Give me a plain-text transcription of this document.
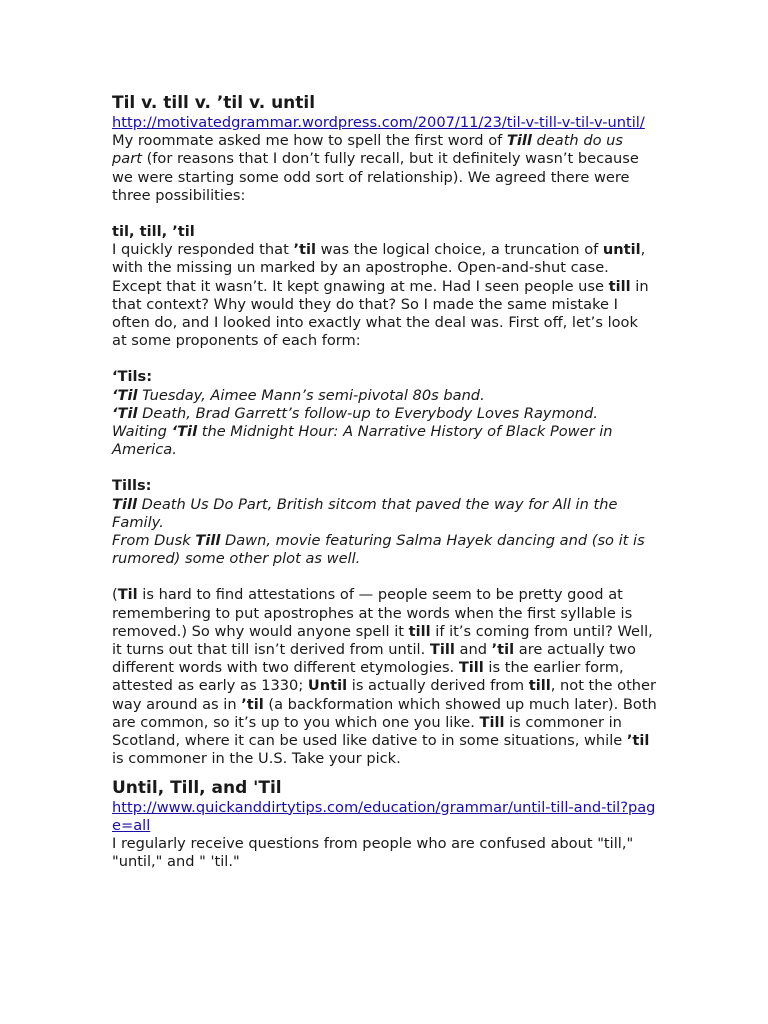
Til v. till v. ’til v. until
http://motivatedgrammar.wordpress.com/2007/11/23/til-v-till-v-til-v-until/

My roommate asked me how to spell the first word of Till death do us part (for reasons that I don’t fully recall, but it definitely wasn’t because we were starting some odd sort of relationship). We agreed there were three possibilities:

til, till, ’til

I quickly responded that ’til was the logical choice, a truncation of until, with the missing un marked by an apostrophe. Open-and-shut case. Except that it wasn’t. It kept gnawing at me. Had I seen people use till in that context? Why would they do that? So I made the same mistake I often do, and I looked into exactly what the deal was. First off, let’s look at some proponents of each form:

‘Tils:

‘Til Tuesday, Aimee Mann’s semi-pivotal 80s band.

‘Til Death, Brad Garrett’s follow-up to Everybody Loves Raymond.

Waiting ‘Til the Midnight Hour: A Narrative History of Black Power in America.

Tills:

Till Death Us Do Part, British sitcom that paved the way for All in the Family.

From Dusk Till Dawn, movie featuring Salma Hayek dancing and (so it is rumored) some other plot as well.

(Til is hard to find attestations of — people seem to be pretty good at remembering to put apostrophes at the words when the first syllable is removed.) So why would anyone spell it till if it’s coming from until? Well, it turns out that till isn’t derived from until. Till and ’til are actually two different words with two different etymologies. Till is the earlier form, attested as early as 1330; Until is actually derived from till, not the other way around as in ’til (a backformation which showed up much later). Both are common, so it’s up to you which one you like. Till is commoner in Scotland, where it can be used like dative to in some situations, while ’til is commoner in the U.S. Take your pick.

Until, Till, and 'Til
http://www.quickanddirtytips.com/education/grammar/until-till-and-til?page=all

I regularly receive questions from people who are confused about "till," "until," and " 'til."
